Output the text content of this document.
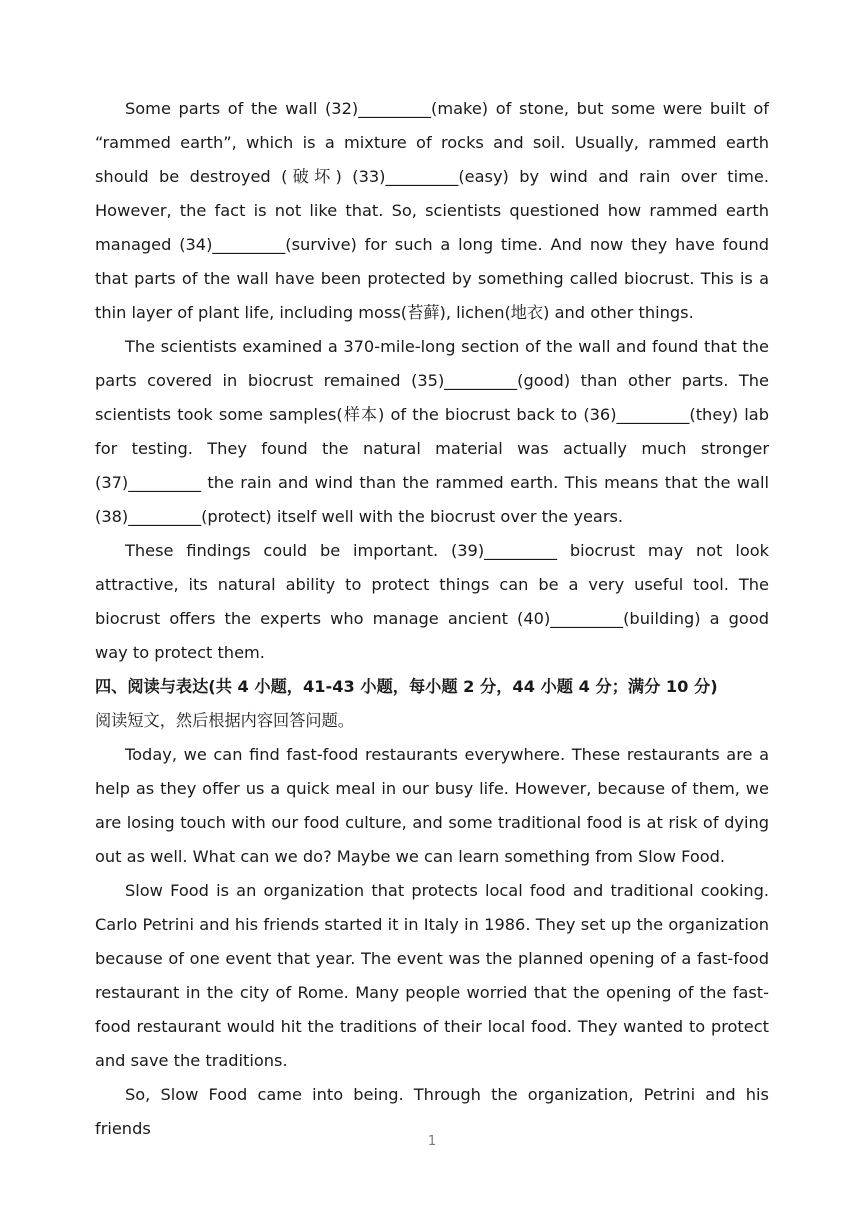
Some parts of the wall (32)_________(make) of stone, but some were built of “rammed earth”, which is a mixture of rocks and soil. Usually, rammed earth should be destroyed (破坏) (33)_________(easy) by wind and rain over time. However, the fact is not like that. So, scientists questioned how rammed earth managed (34)_________(survive) for such a long time. And now they have found that parts of the wall have been protected by something called biocrust. This is a thin layer of plant life, including moss(苔藓), lichen(地衣) and other things.

The scientists examined a 370-mile-long section of the wall and found that the parts covered in biocrust remained (35)_________(good) than other parts. The scientists took some samples(样本) of the biocrust back to (36)_________(they) lab for testing. They found the natural material was actually much stronger (37)_________ the rain and wind than the rammed earth. This means that the wall (38)_________(protect) itself well with the biocrust over the years.

These findings could be important. (39)_________ biocrust may not look attractive, its natural ability to protect things can be a very useful tool. The biocrust offers the experts who manage ancient (40)_________(building) a good way to protect them.

四、阅读与表达(共 4 小题，41-43 小题，每小题 2 分，44 小题 4 分；满分 10 分)

阅读短文，然后根据内容回答问题。

Today, we can find fast-food restaurants everywhere. These restaurants are a help as they offer us a quick meal in our busy life. However, because of them, we are losing touch with our food culture, and some traditional food is at risk of dying out as well. What can we do? Maybe we can learn something from Slow Food.

Slow Food is an organization that protects local food and traditional cooking. Carlo Petrini and his friends started it in Italy in 1986. They set up the organization because of one event that year. The event was the planned opening of a fast-food restaurant in the city of Rome. Many people worried that the opening of the fast-food restaurant would hit the traditions of their local food. They wanted to protect and save the traditions.

So, Slow Food came into being. Through the organization, Petrini and his friends

1
